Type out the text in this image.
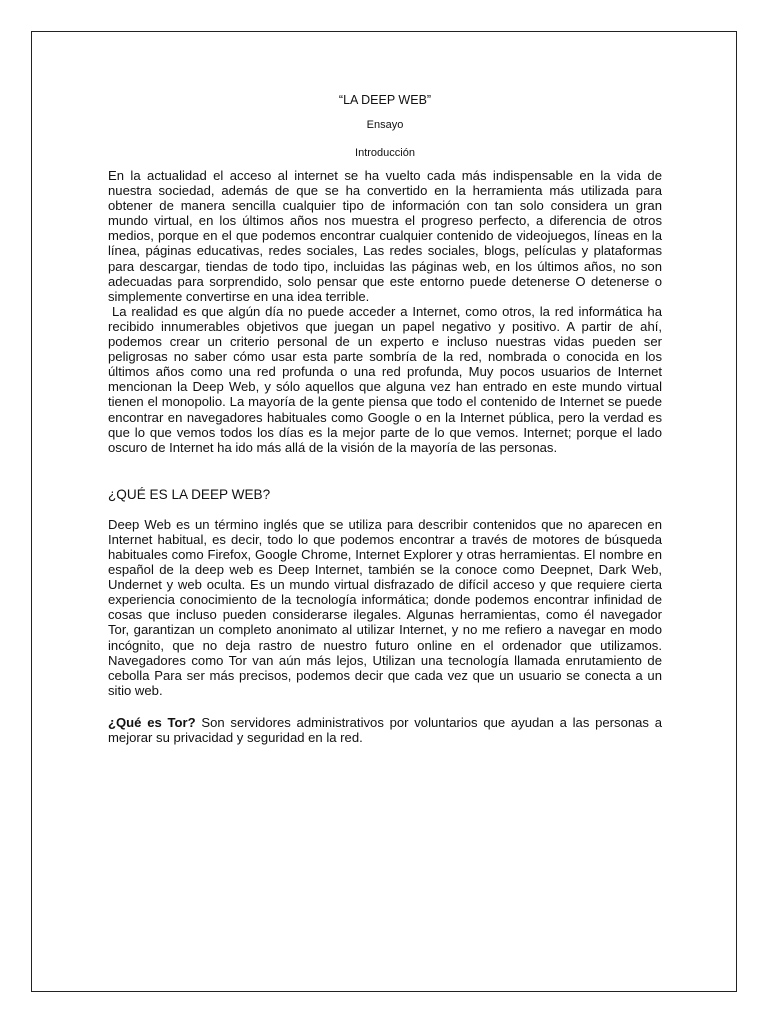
“LA DEEP WEB”

Ensayo

Introducción

En la actualidad el acceso al internet se ha vuelto cada más indispensable en la vida de nuestra sociedad, además de que se ha convertido en la herramienta más utilizada para obtener de manera sencilla cualquier tipo de información con tan solo considera un gran mundo virtual, en los últimos años nos muestra el progreso perfecto, a diferencia de otros medios, porque en el que podemos encontrar cualquier contenido de videojuegos, líneas en la línea, páginas educativas, redes sociales, Las redes sociales, blogs, películas y plataformas para descargar, tiendas de todo tipo, incluidas las páginas web, en los últimos años, no son adecuadas para sorprendido, solo pensar que este entorno puede detenerse O detenerse o simplemente convertirse en una idea terrible.

La realidad es que algún día no puede acceder a Internet, como otros, la red informática ha recibido innumerables objetivos que juegan un papel negativo y positivo. A partir de ahí, podemos crear un criterio personal de un experto e incluso nuestras vidas pueden ser peligrosas no saber cómo usar esta parte sombría de la red, nombrada o conocida en los últimos años como una red profunda o una red profunda, Muy pocos usuarios de Internet mencionan la Deep Web, y sólo aquellos que alguna vez han entrado en este mundo virtual tienen el monopolio. La mayoría de la gente piensa que todo el contenido de Internet se puede encontrar en navegadores habituales como Google o en la Internet pública, pero la verdad es que lo que vemos todos los días es la mejor parte de lo que vemos. Internet; porque el lado oscuro de Internet ha ido más allá de la visión de la mayoría de las personas.

¿QUÉ ES LA DEEP WEB?

Deep Web es un término inglés que se utiliza para describir contenidos que no aparecen en Internet habitual, es decir, todo lo que podemos encontrar a través de motores de búsqueda habituales como Firefox, Google Chrome, Internet Explorer y otras herramientas. El nombre en español de la deep web es Deep Internet, también se la conoce como Deepnet, Dark Web, Undernet y web oculta. Es un mundo virtual disfrazado de difícil acceso y que requiere cierta experiencia conocimiento de la tecnología informática; donde podemos encontrar infinidad de cosas que incluso pueden considerarse ilegales. Algunas herramientas, como él navegador Tor, garantizan un completo anonimato al utilizar Internet, y no me refiero a navegar en modo incógnito, que no deja rastro de nuestro futuro online en el ordenador que utilizamos. Navegadores como Tor van aún más lejos, Utilizan una tecnología llamada enrutamiento de cebolla Para ser más precisos, podemos decir que cada vez que un usuario se conecta a un sitio web.

¿Qué es Tor? Son servidores administrativos por voluntarios que ayudan a las personas a mejorar su privacidad y seguridad en la red.
